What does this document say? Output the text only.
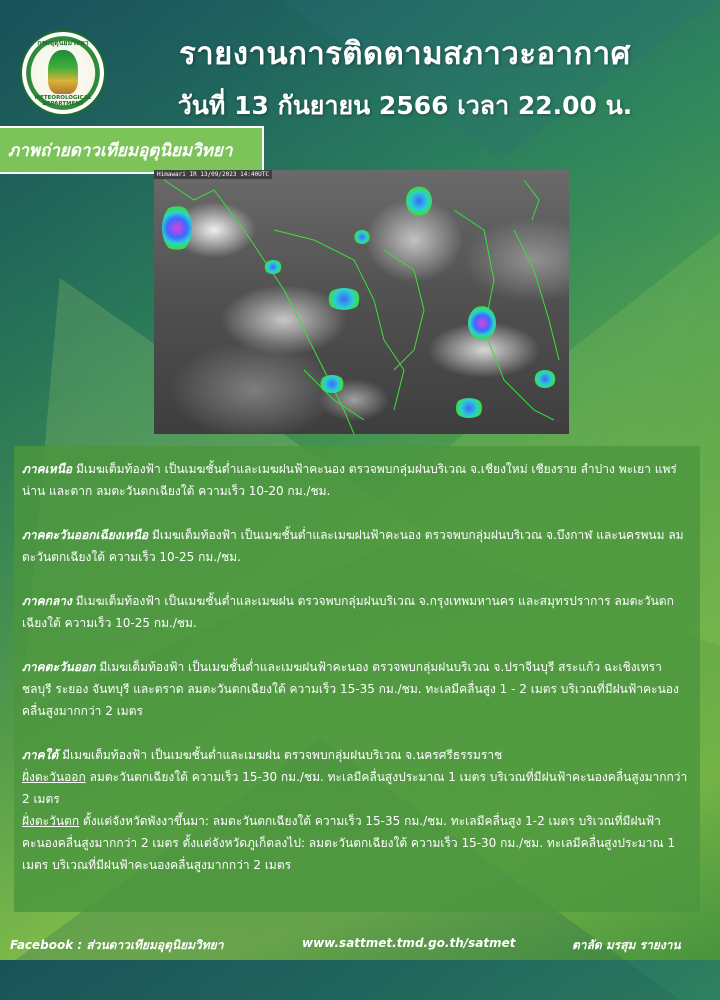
กรมอุตุนิยมวิทยา
METEOROLOGICAL DEPARTMENT
รายงานการติดตามสภาวะอากาศ
วันที่ 13 กันยายน 2566 เวลา 22.00 น.
ภาพถ่ายดาวเทียมอุตุนิยมวิทยา
Himawari IR 13/09/2023 14:40UTC

ภาคเหนือ มีเมฆเต็มท้องฟ้า เป็นเมฆชั้นต่ำและเมฆฝนฟ้าคะนอง ตรวจพบกลุ่มฝนบริเวณ จ.เชียงใหม่ เชียงราย ลำปาง พะเยา แพร่ น่าน และตาก ลมตะวันตกเฉียงใต้ ความเร็ว 10-20 กม./ชม.

ภาคตะวันออกเฉียงเหนือ มีเมฆเต็มท้องฟ้า เป็นเมฆชั้นต่ำและเมฆฝนฟ้าคะนอง ตรวจพบกลุ่มฝนบริเวณ จ.บึงกาฬ และนครพนม ลมตะวันตกเฉียงใต้ ความเร็ว 10-25 กม./ชม.

ภาคกลาง มีเมฆเต็มท้องฟ้า เป็นเมฆชั้นต่ำและเมฆฝน ตรวจพบกลุ่มฝนบริเวณ จ.กรุงเทพมหานคร และสมุทรปราการ ลมตะวันตกเฉียงใต้ ความเร็ว 10-25 กม./ชม.

ภาคตะวันออก มีเมฆเต็มท้องฟ้า เป็นเมฆชั้นต่ำและเมฆฝนฟ้าคะนอง ตรวจพบกลุ่มฝนบริเวณ จ.ปราจีนบุรี สระแก้ว ฉะเชิงเทรา ชลบุรี ระยอง จันทบุรี และตราด ลมตะวันตกเฉียงใต้ ความเร็ว 15-35 กม./ชม. ทะเลมีคลื่นสูง 1 - 2 เมตร บริเวณที่มีฝนฟ้าคะนองคลื่นสูงมากกว่า 2 เมตร

ภาคใต้ มีเมฆเต็มท้องฟ้า เป็นเมฆชั้นต่ำและเมฆฝน ตรวจพบกลุ่มฝนบริเวณ จ.นครศรีธรรมราช
ฝั่งตะวันออก ลมตะวันตกเฉียงใต้ ความเร็ว 15-30 กม./ชม. ทะเลมีคลื่นสูงประมาณ 1 เมตร บริเวณที่มีฝนฟ้าคะนองคลื่นสูงมากกว่า 2 เมตร
ฝั่งตะวันตก ตั้งแต่จังหวัดพังงาขึ้นมา: ลมตะวันตกเฉียงใต้ ความเร็ว 15-35 กม./ชม. ทะเลมีคลื่นสูง 1-2 เมตร บริเวณที่มีฝนฟ้าคะนองคลื่นสูงมากกว่า 2 เมตร ตั้งแต่จังหวัดภูเก็ตลงไป: ลมตะวันตกเฉียงใต้ ความเร็ว 15-30 กม./ชม. ทะเลมีคลื่นสูงประมาณ 1 เมตร บริเวณที่มีฝนฟ้าคะนองคลื่นสูงมากกว่า 2 เมตร

Facebook : ส่วนดาวเทียมอุตุนิยมวิทยา	www.sattmet.tmd.go.th/satmet	ตาลัด มรสุม รายงาน
